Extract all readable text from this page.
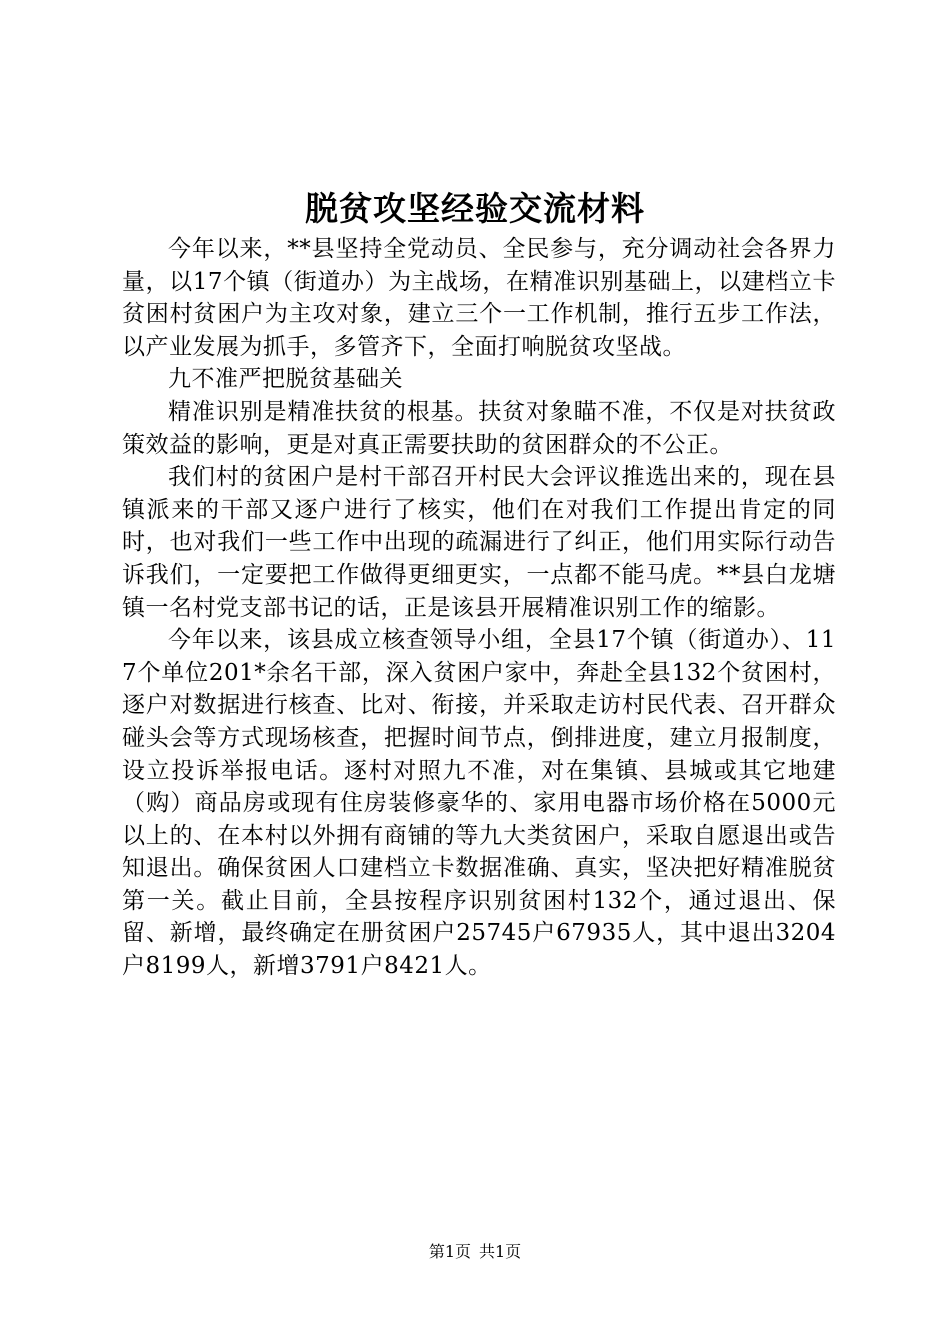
脱贫攻坚经验交流材料

今年以来，**县坚持全党动员、全民参与，充分调动社会各界力量，以17个镇（街道办）为主战场，在精准识别基础上，以建档立卡贫困村贫困户为主攻对象，建立三个一工作机制，推行五步工作法，以产业发展为抓手，多管齐下，全面打响脱贫攻坚战。

九不准严把脱贫基础关

精准识别是精准扶贫的根基。扶贫对象瞄不准，不仅是对扶贫政策效益的影响，更是对真正需要扶助的贫困群众的不公正。

我们村的贫困户是村干部召开村民大会评议推选出来的，现在县镇派来的干部又逐户进行了核实，他们在对我们工作提出肯定的同时，也对我们一些工作中出现的疏漏进行了纠正，他们用实际行动告诉我们，一定要把工作做得更细更实，一点都不能马虎。**县白龙塘镇一名村党支部书记的话，正是该县开展精准识别工作的缩影。

今年以来，该县成立核查领导小组，全县17个镇（街道办）、117个单位201*余名干部，深入贫困户家中，奔赴全县132个贫困村，逐户对数据进行核查、比对、衔接，并采取走访村民代表、召开群众碰头会等方式现场核查，把握时间节点，倒排进度，建立月报制度，设立投诉举报电话。逐村对照九不准，对在集镇、县城或其它地建（购）商品房或现有住房装修豪华的、家用电器市场价格在5000元以上的、在本村以外拥有商铺的等九大类贫困户，采取自愿退出或告知退出。确保贫困人口建档立卡数据准确、真实，坚决把好精准脱贫第一关。截止目前，全县按程序识别贫困村132个，通过退出、保留、新增，最终确定在册贫困户25745户67935人，其中退出3204户8199人，新增3791户8421人。

第1页 共1页
